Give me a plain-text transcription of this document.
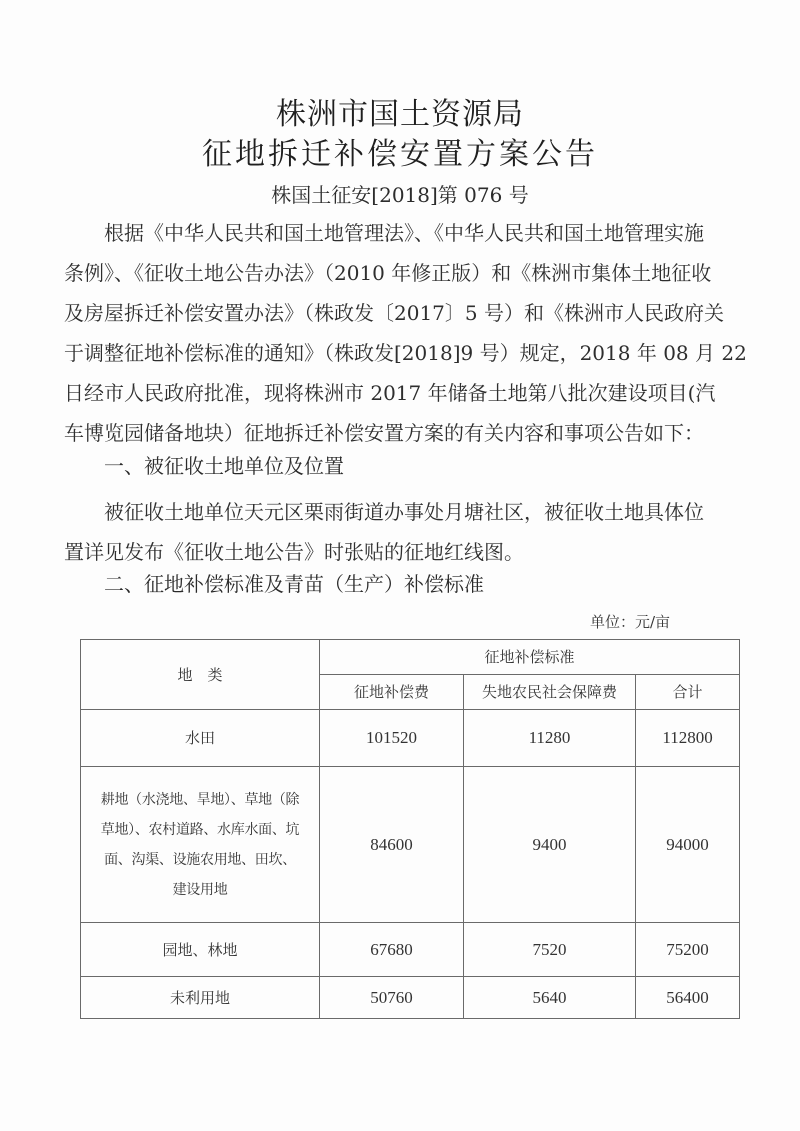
株洲市国土资源局
征地拆迁补偿安置方案公告
株国土征安[2018]第 076 号
根据《中华人民共和国土地管理法》、《中华人民共和国土地管理实施
条例》、《征收土地公告办法》（2010 年修正版）和《株洲市集体土地征收
及房屋拆迁补偿安置办法》（株政发〔2017〕5 号）和《株洲市人民政府关
于调整征地补偿标准的通知》（株政发[2018]9 号）规定，2018 年 08 月 22
日经市人民政府批准，现将株洲市 2017 年储备土地第八批次建设项目(汽
车博览园储备地块）征地拆迁补偿安置方案的有关内容和事项公告如下：
一、被征收土地单位及位置
被征收土地单位天元区栗雨街道办事处月塘社区，被征收土地具体位
置详见发布《征收土地公告》时张贴的征地红线图。
二、征地补偿标准及青苗（生产）补偿标准
单位：元/亩
地　类	征地补偿标准		
	征地补偿费	失地农民社会保障费	合计
水田	101520	11280	112800

耕地（水浇地、旱地）、草地（除
草地）、农村道路、水库水面、坑
面、沟渠、设施农用地、田坎、
建设用地	84600	9400	94000
园地、林地	67680	7520	75200
未利用地	50760	5640	56400
